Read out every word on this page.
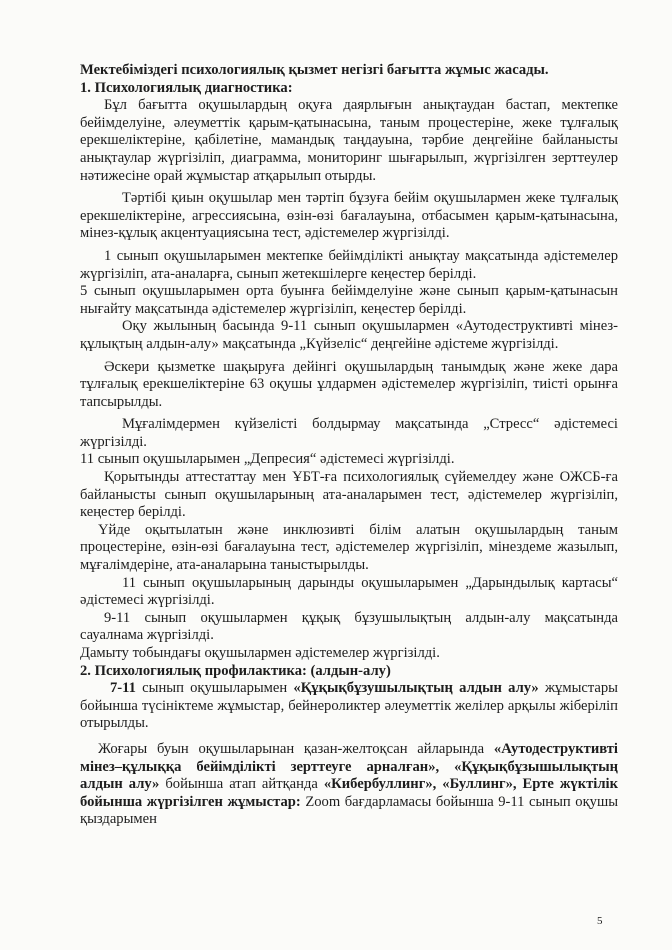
Мектебіміздегі психологиялық қызмет негізгі бағытта жұмыс жасады.

1. Психологиялық диагностика:

Бұл бағытта оқушылардың оқуға даярлығын анықтаудан бастап, мектепке бейімделуіне, әлеуметтік қарым-қатынасына, таным процестеріне, жеке тұлғалық ерекшеліктеріне, қабілетіне, мамандық таңдауына, тәрбие деңгейіне байланысты анықтаулар жүргізіліп, диаграмма, мониторинг шығарылып, жүргізілген зерттеулер нәтижесіне орай жұмыстар атқарылып отырды.

Тәртібі қиын оқушылар мен тәртіп бұзуға бейім оқушылармен жеке тұлғалық ерекшеліктеріне, агрессиясына, өзін-өзі бағалауына, отбасымен қарым-қатынасына, мінез-құлық акцентуациясына тест, әдістемелер жүргізілді.

1 сынып оқушыларымен мектепке бейімділікті анықтау мақсатында әдістемелер жүргізіліп, ата-аналарға, сынып жетекшілерге кеңестер берілді.

5 сынып оқушыларымен орта буынға бейімделуіне және сынып қарым-қатынасын нығайту мақсатында әдістемелер жүргізіліп, кеңестер берілді.

Оқу жылының басында 9-11 сынып оқушылармен «Аутодеструктивті мінез-құлықтың алдын-алу» мақсатында „Күйзеліс“ деңгейіне әдістеме жүргізілді.

Әскери қызметке шақыруға дейінгі оқушылардың танымдық және жеке дара тұлғалық ерекшеліктеріне 63 оқушы ұлдармен әдістемелер жүргізіліп, тиісті орынға тапсырылды.

Мұғалімдермен күйзелісті болдырмау мақсатында „Стресс“ әдістемесі жүргізілді.

11 сынып оқушыларымен „Депресия“ әдістемесі жүргізілді.

Қорытынды аттестаттау мен ҰБТ-ға психологиялық сүйемелдеу және ОЖСБ-ға байланысты сынып оқушыларының ата-аналарымен тест, әдістемелер жүргізіліп, кеңестер берілді.

Үйде оқытылатын және инклюзивті білім алатын оқушылардың таным процестеріне, өзін-өзі бағалауына тест, әдістемелер жүргізіліп, мінездеме жазылып, мұғалімдеріне, ата-аналарына таныстырылды.

11 сынып оқушыларының дарынды оқушыларымен „Дарындылық картасы“ әдістемесі жүргізілді.

9-11 сынып оқушылармен құқық бұзушылықтың алдын-алу мақсатында сауалнама жүргізілді.

Дамыту тобындағы оқушылармен әдістемелер жүргізілді.

2. Психологиялық профилактика: (алдын-алу)

7-11 сынып оқушыларымен «Құқықбұзушылықтың алдын алу» жұмыстары бойынша түсініктеме жұмыстар, бейнероликтер әлеуметтік желілер арқылы жіберіліп отырылды.

Жоғары буын оқушыларынан қазан-желтоқсан айларында «Аутодеструктивті мінез–құлыққа бейімділікті зерттеуге арналған», «Құқықбұзышылықтың алдын алу» бойынша атап айтқанда «Кибербуллинг», «Буллинг», Ерте жүктілік бойынша жүргізілген жұмыстар: Zoom бағдарламасы бойынша 9-11 сынып оқушы қыздарымен

5
